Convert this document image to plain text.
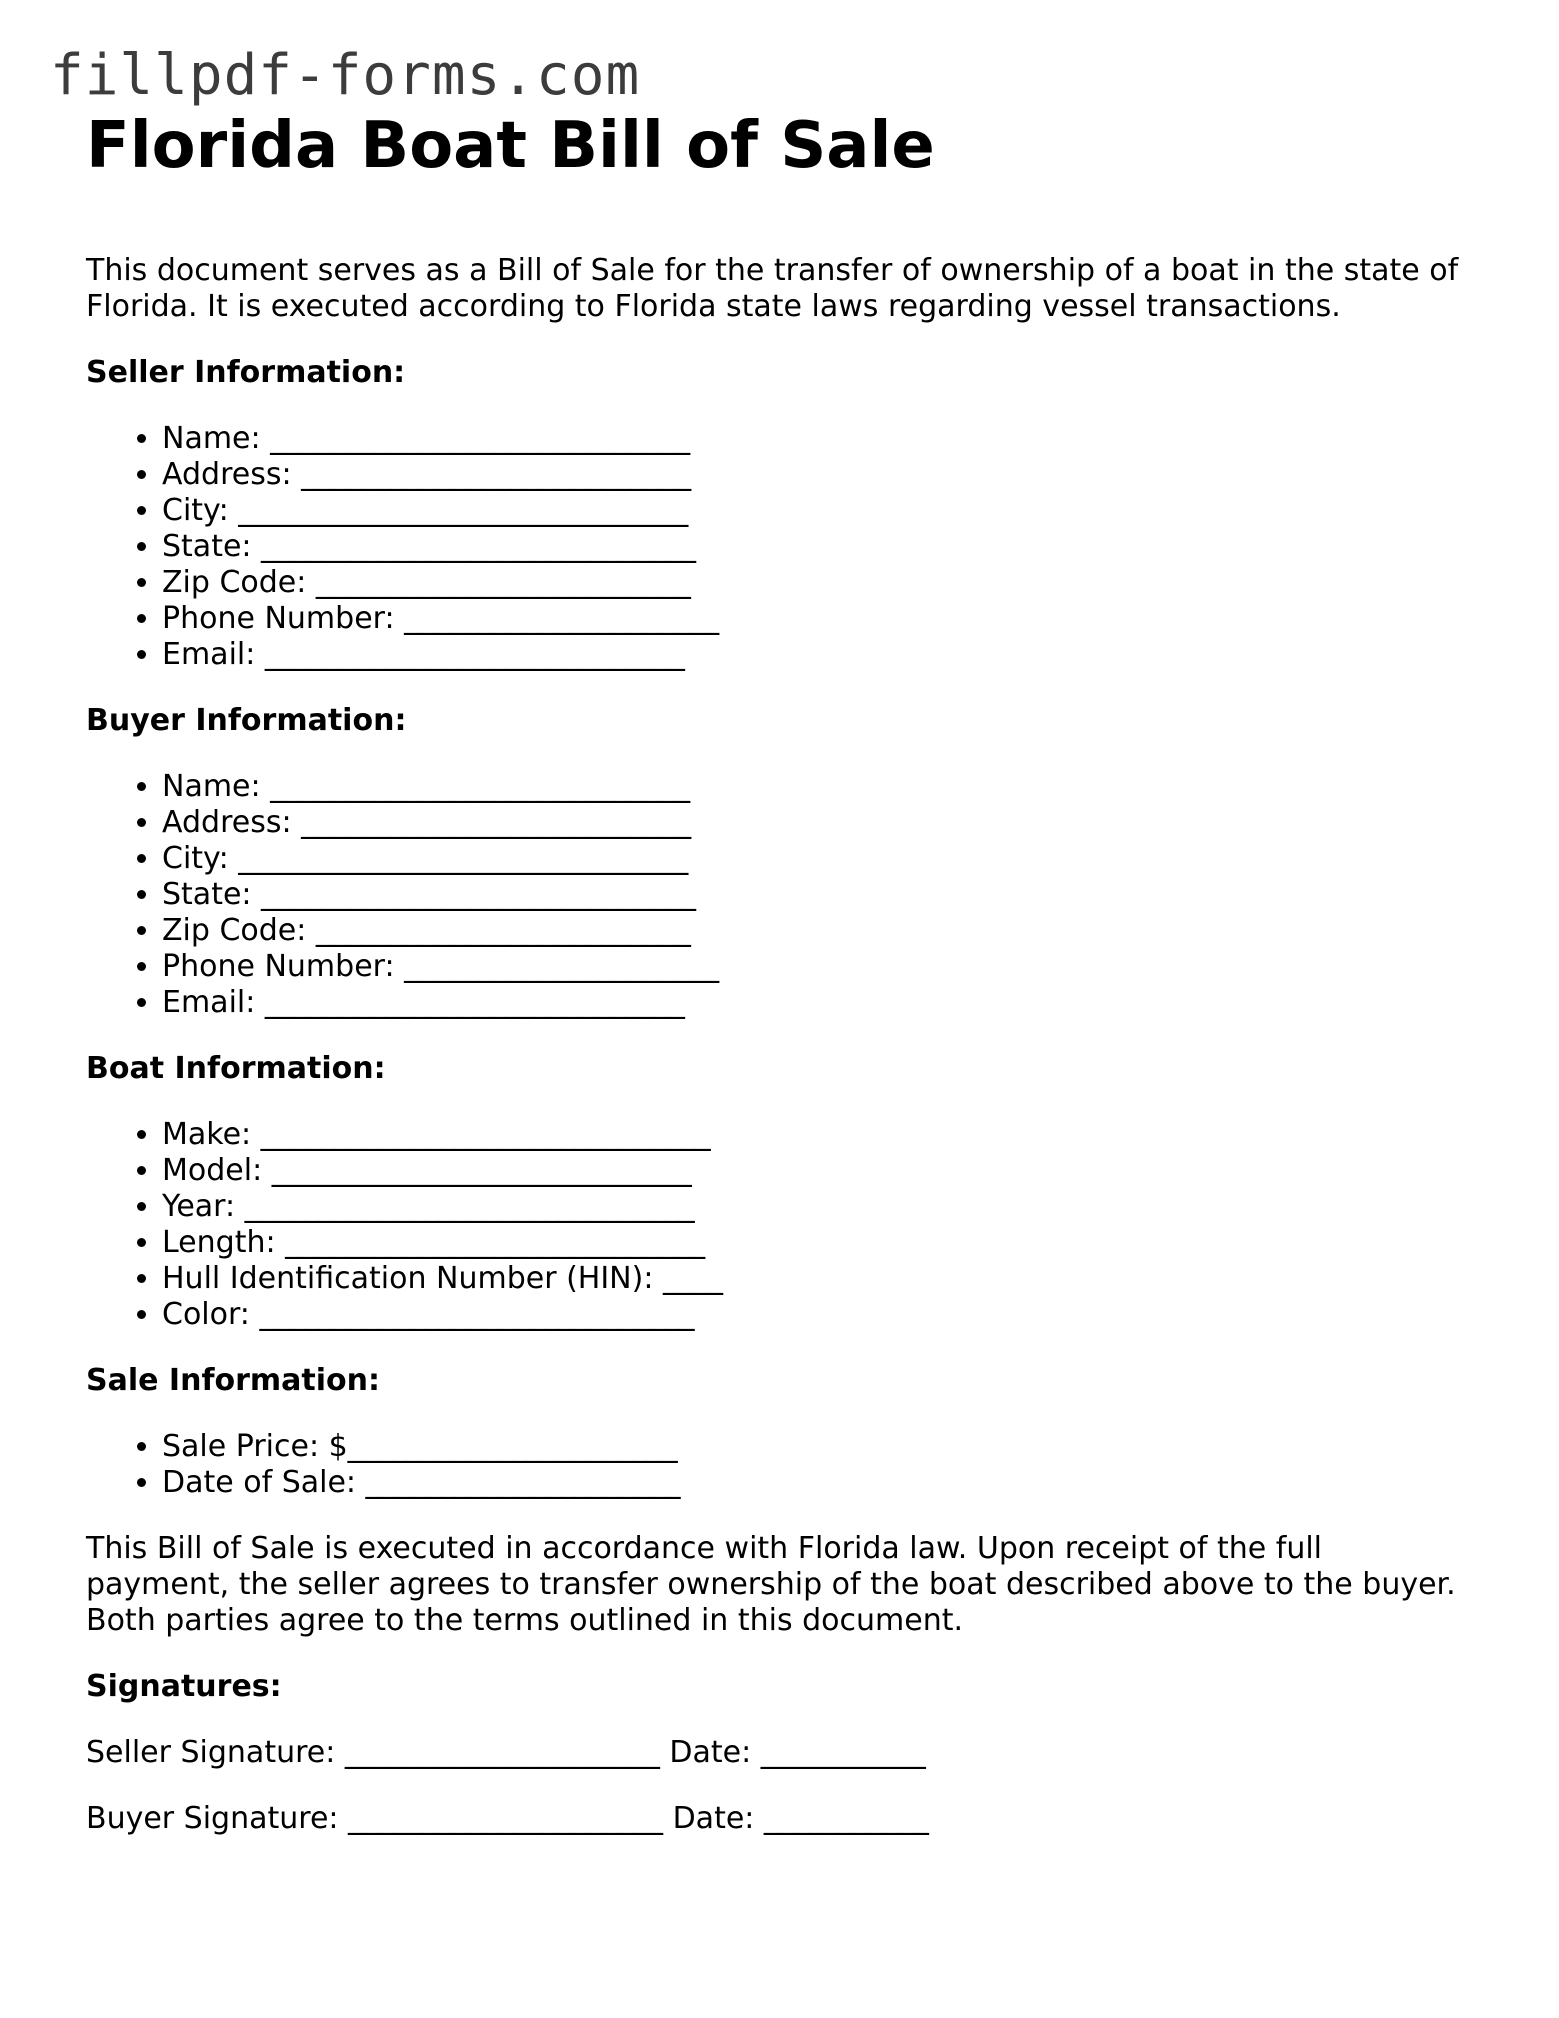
fillpdf-forms.com
Florida Boat Bill of Sale

This document serves as a Bill of Sale for the transfer of ownership of a boat in the state of Florida. It is executed according to Florida state laws regarding vessel transactions.

Seller Information:

• Name: ____________________________
• Address: __________________________
• City: ______________________________
• State: _____________________________
• Zip Code: _________________________
• Phone Number: _____________________
• Email: ____________________________

Buyer Information:

• Name: ____________________________
• Address: __________________________
• City: ______________________________
• State: _____________________________
• Zip Code: _________________________
• Phone Number: _____________________
• Email: ____________________________

Boat Information:

• Make: ______________________________
• Model: ____________________________
• Year: ______________________________
• Length: ____________________________
• Hull Identification Number (HIN): ____
• Color: _____________________________

Sale Information:

• Sale Price: $______________________
• Date of Sale: _____________________

This Bill of Sale is executed in accordance with Florida law. Upon receipt of the full payment, the seller agrees to transfer ownership of the boat described above to the buyer. Both parties agree to the terms outlined in this document.

Signatures:

Seller Signature: _____________________ Date: ___________

Buyer Signature: _____________________ Date: ___________
